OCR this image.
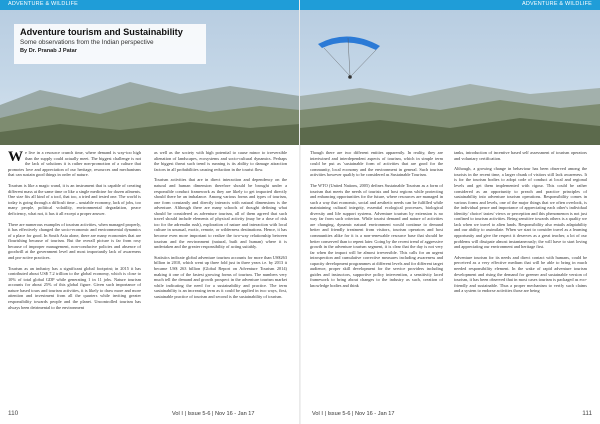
ADVENTURE & WILDLIFE
Adventure tourism and Sustainability
Some observations from the Indian perspective
By Dr. Pranab J Patar

We live in a resource crunch time, where demand is way-too high than the supply could actually meet. The biggest challenge is not the lack of solutions it is rather non-promotion of a culture that promotes love and appreciation of our heritage, resources and mechanisms that can sustain good things in order of nature.

Tourism is like a magic wand, it is an instrument that is capable of creating different mass at the same time or like a single medicine for dozen ailments. One size fits all kind of a tool, that too, a tried and tested one. The world is today is going through a difficult time – unstable economy, lack of jobs, too many people, political volatility, environmental degradation, peace deficiency, what not, it has it all except a proper answer.

There are numerous examples of tourism activities, when managed properly, it has effectively changed the socio-economic and environmental dynamics of a place for good. In South Asia alone, there are many economies that are flourishing because of tourism. But the overall picture is far from rosy because of improper management, non-conducive policies and absence of goodwill at the government level and most importantly lack of awareness and pro-active practices.

Tourism as an industry has a significant global footprint; in 2015 it has contributed about US$ 7.2 trillion to the global economy, which is close to 10% of total global GDP while generating 1 in 11 jobs. Nature tourism accounts for about 25% of this global figure. Given such importance of nature based tours and tourism activities, it is likely to draw more and more attention and investment from all the quarters while inviting greater responsibility towards people and the planet. Uncontrolled tourism has always been detrimental to the environment

as well as the society with high potential to cause minor to irreversible alienation of landscapes, ecosystems and socio-cultural dynamics. Perhaps the biggest threat such trend is running is its ability to damage attraction factors in all probabilities causing reduction in the tourist flow.

Tourism activities that are in direct interaction and dependency on the natural and human dimension therefore should be brought under a responsible conduct framework as they are likely to get impacted directly should there be an imbalance. Among various forms and types of tourism, one form constantly and directly interacts with natural dimensions is the adventure. Although there are many schools of thought defining what should be considered as adventure tourism, all of them agreed that such travel should include elements of physical activity (may be a dose of risk too for the adrenalin rush), exploration of nature and interaction with local culture in unusual, exotic, remote, or wilderness destinations. Hence, it has become even more important to realize the two-way relationship between tourism and the environment (natural, built and human) where it is undertaken and the greater responsibility of acting suitably.

Statistics indicate global adventure tourism accounts for more than US$263 billion in 2010, which went up three fold just in three years i.e. by 2013 it became US$ 263 billion (Global Report on Adventure Tourism 2014) making it one of the fastest growing forms of tourism. The numbers very much tell the demand and growth prospect in the adventure tourism market while indicating the need for a sustainability and practice. The term sustainability is an increasing term as it could be applied in two ways, first, sustainable practice of tourism and second is the sustainability of tourism.

110	Vol I | Issue 5-6 | Nov 16 - Jan 17
ADVENTURE & WILDLIFE

Though there are two different entities apparently. In reality, they are intertwined and interdependent aspects of tourism, which in simple term could be put as 'sustainable form of activities that are good for the community, local economy and the environment in general. Such tourism activities however qualify to be considered as Sustainable Tourism.

The WTO (United Nations, 2005) defines Sustainable Tourism as a form of tourism that meets the needs of tourists and host regions while protecting and enhancing opportunities for the future, where resources are managed in such a way that economic, social and aesthetic needs can be fulfilled while maintaining cultural integrity, essential ecological processes, biological diversity and life support systems. Adventure tourism by extension is no way far from such criterion. While tourist demand and nature of activities are changing, dynamic natural environment would continue to demand better and friendly treatment from visitors, tourism operators and host communities alike for it is a non-renewable resource base that should be better conserved than to repent later. Going by the recent trend of aggressive growth in the adventure tourism segment, it is clear that the day is not very far when the impact will be almost irreversible. This calls for an urgent introspection and cumulative corrective measures including awareness and capacity development programmes at different levels and for different target audience, proper skill development for the service providers including guides and instructors, supportive policy intervention, a sensitivity laced framework to bring about changes to the industry as such, creation of knowledge bodies and think

tanks, introduction of incentive based self assessment of tourism operators and voluntary certification.

Although, a growing change in behaviour has been observed among the tourists in the recent time, a larger chunk of visitors still lack awareness. It is for the tourism bodies to adopt code of conduct at local and regional levels and get them implemented with rigour. This could be rather considered as an opportunity to preach and practice principles of sustainability into adventure tourism operations. Responsibility comes in various forms and levels, one of the major things that we often overlook, is the individual peace and importance of appreciating each other's individual identity/ choice/ tastes/ views or perception and this phenomenon is not just confined to tourism activities. Being sensitive towards others is a quality we lack when we travel to alien lands. Responsibility also entails adaptability and our ability to assimilate. When we start to consider travel as a learning opportunity and give the respect it deserves as a great teacher, a lot of our problems will dissipate almost instantaneously; the will have to start loving and appreciating our environment and heritage first.

Adventure tourism for its needs and direct contact with humans, could be perceived as a very effective medium that will be able to bring in much needed responsibility element. In the wake of rapid adventure tourism development and rising the demand for greener and sustainable version of tourism, it has been observed that in most cases tourism is packaged as eco-friendly and sustainable. Thus a proper mechanism to verify such claims and a system to endorse activities those are being

Vol I | Issue 5-6 | Nov 16 - Jan 17	111
